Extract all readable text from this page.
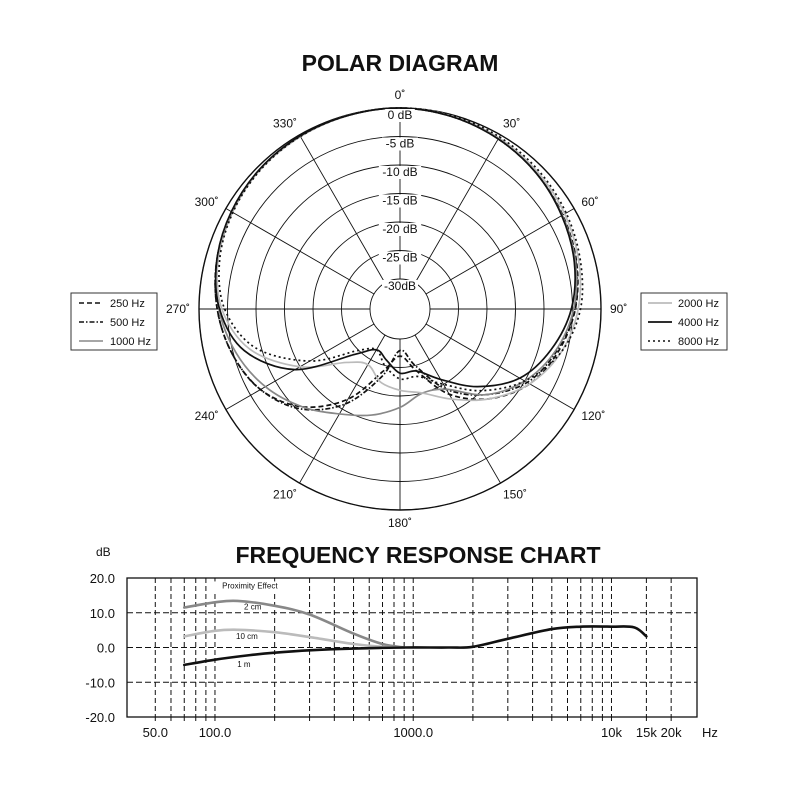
POLAR DIAGRAM
0˚
30˚
60˚
90˚
120˚
150˚
180˚
210˚
240˚
270˚
300˚
330˚
0 dB
-5 dB
-10 dB
-15 dB
-20 dB
-25 dB
-30dB
250 Hz
500 Hz
1000 Hz
2000 Hz
4000 Hz
8000 Hz
FREQUENCY RESPONSE CHART
dB
Hz
20.0
10.0
0.0
-10.0
-20.0
50.0 100.0	1000.0	10k 15k 20k
Proximity Effect
2 cm
10 cm
1 m
